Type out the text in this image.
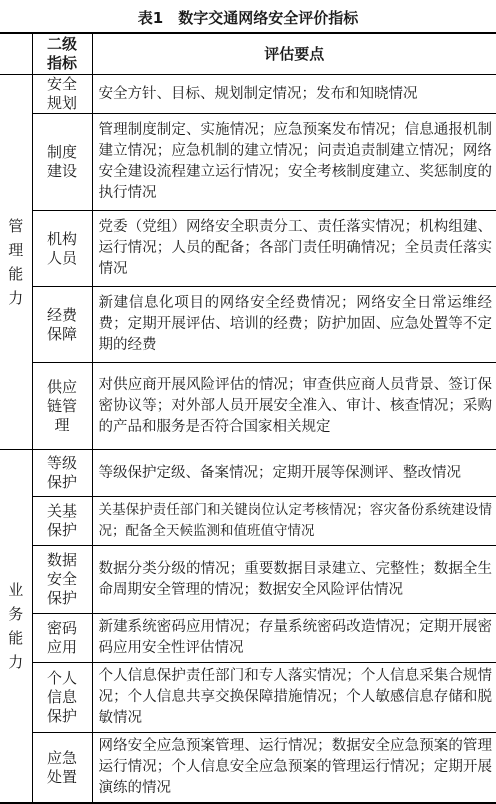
表1　数字交通网络安全评价指标

	二级指标	评估要点

管理能力	安全规划	安全方针、目标、规划制定情况；发布和知晓情况

	制度建设	管理制度制定、实施情况；应急预案发布情况；信息通报机制建立情况；应急机制的建立情况；问责追责制建立情况；网络安全建设流程建立运行情况；安全考核制度建立、奖惩制度的执行情况

	机构人员	党委（党组）网络安全职责分工、责任落实情况；机构组建、运行情况；人员的配备；各部门责任明确情况；全员责任落实情况

	经费保障	新建信息化项目的网络安全经费情况；网络安全日常运维经费；定期开展评估、培训的经费；防护加固、应急处置等不定期的经费

	供应链管理	对供应商开展风险评估的情况；审查供应商人员背景、签订保密协议等；对外部人员开展安全准入、审计、核查情况；采购的产品和服务是否符合国家相关规定

业务能力	等级保护	等级保护定级、备案情况；定期开展等保测评、整改情况

	关基保护	关基保护责任部门和关键岗位认定考核情况；容灾备份系统建设情况；配备全天候监测和值班值守情况

	数据安全保护	数据分类分级的情况；重要数据目录建立、完整性；数据全生命周期安全管理的情况；数据安全风险评估情况

	密码应用	新建系统密码应用情况；存量系统密码改造情况；定期开展密码应用安全性评估情况

	个人信息保护	个人信息保护责任部门和专人落实情况；个人信息采集合规情况；个人信息共享交换保障措施情况；个人敏感信息存储和脱敏情况

	应急处置	网络安全应急预案管理、运行情况；数据安全应急预案的管理运行情况；个人信息安全应急预案的管理运行情况；定期开展演练的情况
